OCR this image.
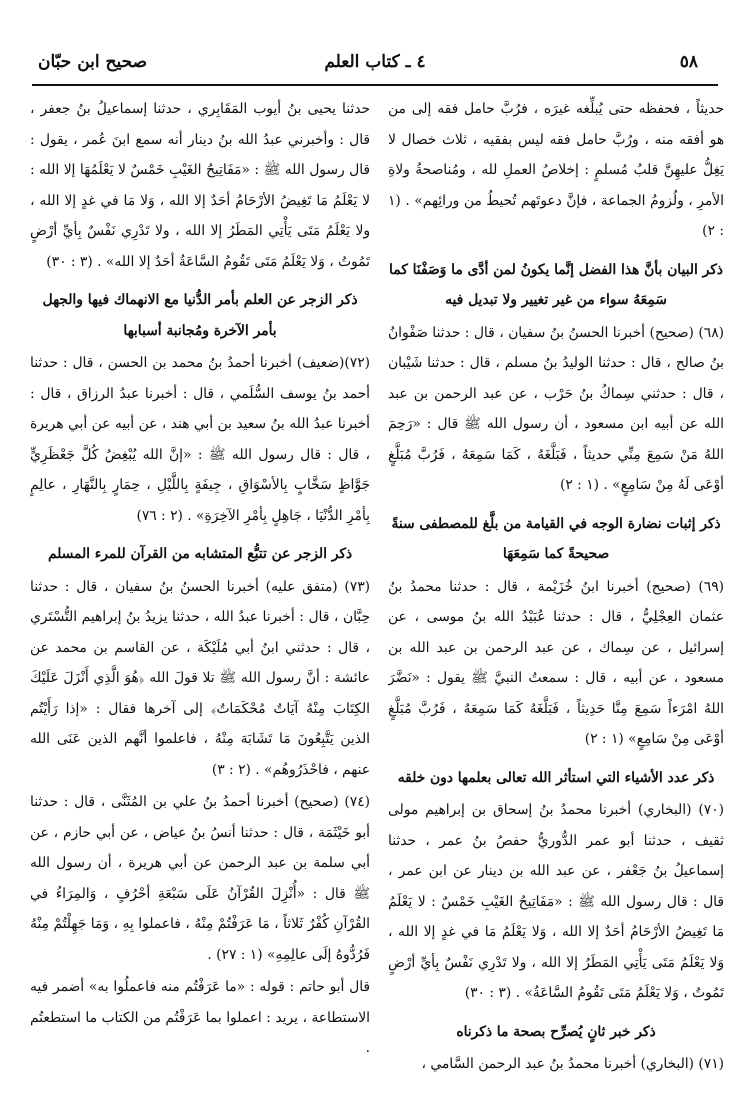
٥٨
٤ ـ كتاب العلم
صحيح ابن حبّان

حديثاً ، فحفظه حتى يُبلِّغه غيرَه ، فرُبَّ حامل فقه إلى من هو أفقه منه ، ورُبَّ حامل فقه ليس بفقيه ، ثلاث خصال لا يَغِلُّ عليهِنَّ قلبُ مُسلمٍ : إخلاصُ العملِ لله ، ومُناصحةُ ولاةِ الأمرِ ، ولُزومُ الجماعة ، فإنَّ دعوتَهم تُحيطُ من ورائِهم» . (١ : ٢)

ذكر البيان بأنَّ هذا الفضل إنَّما يكونُ لمن أدَّى ما وَصَفْنَا كما سَمِعَهُ سواء من غير تغيير ولا تبديل فيه

(٦٨) (صحيح) أخبرنا الحسنُ بنُ سفيان ، قال : حدثنا صَفْوانُ بنُ صالح ، قال : حدثنا الوليدُ بنُ مسلم ، قال : حدثنا شَيْبان ، قال : حدثني سِماكُ بنُ حَرْب ، عن عبد الرحمن بن عبد الله عن أبيه ابن مسعود ، أن رسول الله ﷺ قال : «رَحِمَ اللهُ مَنْ سَمِعَ مِنِّي حديثاً ، فَبَلَّغَهُ ، كَمَا سَمِعَهُ ، فَرُبَّ مُبَلَّغٍ أوْعَى لَهُ مِنْ سَامِعٍ» . (١ : ٢)

ذكر إثبات نضارة الوجه في القيامة من بلَّغ للمصطفى سنةً صحيحةً كما سَمِعَهَا

(٦٩) (صحيح) أخبرنا ابنُ خُزَيْمة ، قال : حدثنا محمدُ بنُ عثمان العِجْلِيُّ ، قال : حدثنا عُبَيْدُ الله بنُ موسى ، عن إسرائيل ، عن سِماك ، عن عبد الرحمن بن عبد الله بن مسعود ، عن أبيه ، قال : سمعتُ النبيَّ ﷺ يقول : «نَضَّرَ اللهُ امْرَءاً سَمِعَ مِنَّا حَدِيثاً ، فَبَلَّغَهُ كَمَا سَمِعَهُ ، فَرُبَّ مُبَلَّغٍ أوْعَى مِنْ سَامِعٍ» (١ : ٢)

ذكر عدد الأشياء التي استأثر الله تعالى بعلمها دون خلقه

(٧٠) (البخاري) أخبرنا محمدُ بنُ إسحاق بن إبراهيم مولى ثقيف ، حدثنا أبو عمر الدُّوريُّ حفصُ بنُ عمر ، حدثنا إسماعيلُ بنُ جَعْفر ، عن عبد الله بن دينار عن ابن عمر ، قال : قال رسول الله ﷺ : «مَفَاتِيحُ الغَيْبِ خَمْسٌ : لا يَعْلَمُ مَا تَغِيضُ الأرْحَامُ أحَدٌ إلا الله ، وَلا يَعْلَمُ مَا في غدٍ إلا الله ، وَلا يَعْلَمُ مَتَى يَأْتِي المَطَرُ إلا الله ، ولا تَدْرِي نَفْسٌ بِأيِّ أرْضٍ تَمُوتُ ، وَلا يَعْلَمُ مَتَى تَقُومُ السَّاعَةُ» . (٣ : ٣٠)

ذكر خبر ثانٍ يُصرِّح بصحة ما ذكرناه

(٧١) (البخاري) أخبرنا محمدُ بنُ عبد الرحمن السَّامي ،

حدثنا يحيى بنُ أيوب المَقَابِري ، حدثنا إسماعيلُ بنُ جعفر ، قال : وأخبرني عبدُ الله بنُ دينار أنه سمع ابنَ عُمر ، يقول : قال رسول الله ﷺ : «مَفَاتِيحُ الغَيْبِ خَمْسٌ لا يَعْلَمُهَا إلا الله : لا يَعْلَمُ مَا تَغِيضُ الأرْحَامُ أحَدٌ إلا الله ، وَلا مَا في غدٍ إلا الله ، ولا يَعْلَمُ مَتَى يَأْتِي المَطَرُ إلا الله ، ولا تَدْرِي نَفْسٌ بِأيِّ أرْضٍ تَمُوتُ ، وَلا يَعْلَمُ مَتَى تَقُومُ السَّاعَةُ أحَدٌ إلا الله» . (٣ : ٣٠)

ذكر الزجر عن العلم بأمر الدُّنيا مع الانهماك فيها والجهل بأمر الآخرة ومُجانبة أسبابها

(٧٢)(ضعيف) أخبرنا أحمدُ بنُ محمد بن الحسن ، قال : حدثنا أحمد بنُ يوسف السُّلَمي ، قال : أخبرنا عبدُ الرزاق ، قال : أخبرنا عبدُ الله بنُ سعيد بن أبي هند ، عن أبيه عن أبي هريرة ، قال : قال رسول الله ﷺ : «إنَّ الله يُبْغِضُ كُلَّ جَعْظَرِيٍّ جَوَّاظٍ سَخَّابٍ بِالأسْوَاقِ ، جِيفَةٍ بِاللَّيْلِ ، حِمَارٍ بِالنَّهَارِ ، عالِمٍ بِأمْرِ الدُّنْيَا ، جَاهِلٍ بِأمْرِ الآخِرَةِ» . (٢ : ٧٦)

ذكر الزجر عن تتبُّع المتشابه من القرآن للمرء المسلم

(٧٣) (متفق عليه) أخبرنا الحسنُ بنُ سفيان ، قال : حدثنا حِبَّان ، قال : أخبرنا عبدُ الله ، حدثنا يزيدُ بنُ إبراهيم التُّسْتَري ، قال : حدثني ابنُ أبي مُلَيْكَة ، عن القاسم بن محمد عن عائشة : أنَّ رسول الله ﷺ تلا قولَ الله ﴿هُوَ الَّذِي أَنْزَلَ عَلَيْكَ الكِتَابَ مِنْهُ آيَاتٌ مُحْكَمَاتٌ﴾ إلى آخرها فقال : «إذا رَأَيْتُم الذين يَتَّبِعُونَ مَا تَشَابَهَ مِنْهُ ، فاعلموا أنَّهم الذين عَنَى الله عنهم ، فاحْذَرُوهُم» . (٢ : ٣)

(٧٤) (صحيح) أخبرنا أحمدُ بنُ علي بن المُثَنَّى ، قال : حدثنا أبو خَيْثَمَة ، قال : حدثنا أنسُ بنُ عياض ، عن أبي حازم ، عن أبي سلمة بن عبد الرحمن عن أبي هريرة ، أن رسول الله ﷺ قال : «أُنْزِلَ القُرْآنُ عَلَى سَبْعَةِ أحْرُفٍ ، وَالمِرَاءُ في القُرْآنِ كُفْرٌ ثَلاثاً ، مَا عَرَفْتُمْ مِنْهُ ، فاعملوا بِهِ ، وَمَا جَهِلْتُمْ مِنْهُ فَرُدُّوهُ إلَى عالِمِهِ» (١ : ٢٧) .

قال أبو حاتم : قوله : «ما عَرَفْتُم منه فاعملُوا به» أضمر فيه الاستطاعة ، يريد : اعملوا بما عَرَفْتُم من الكتاب ما استطعتُم .
